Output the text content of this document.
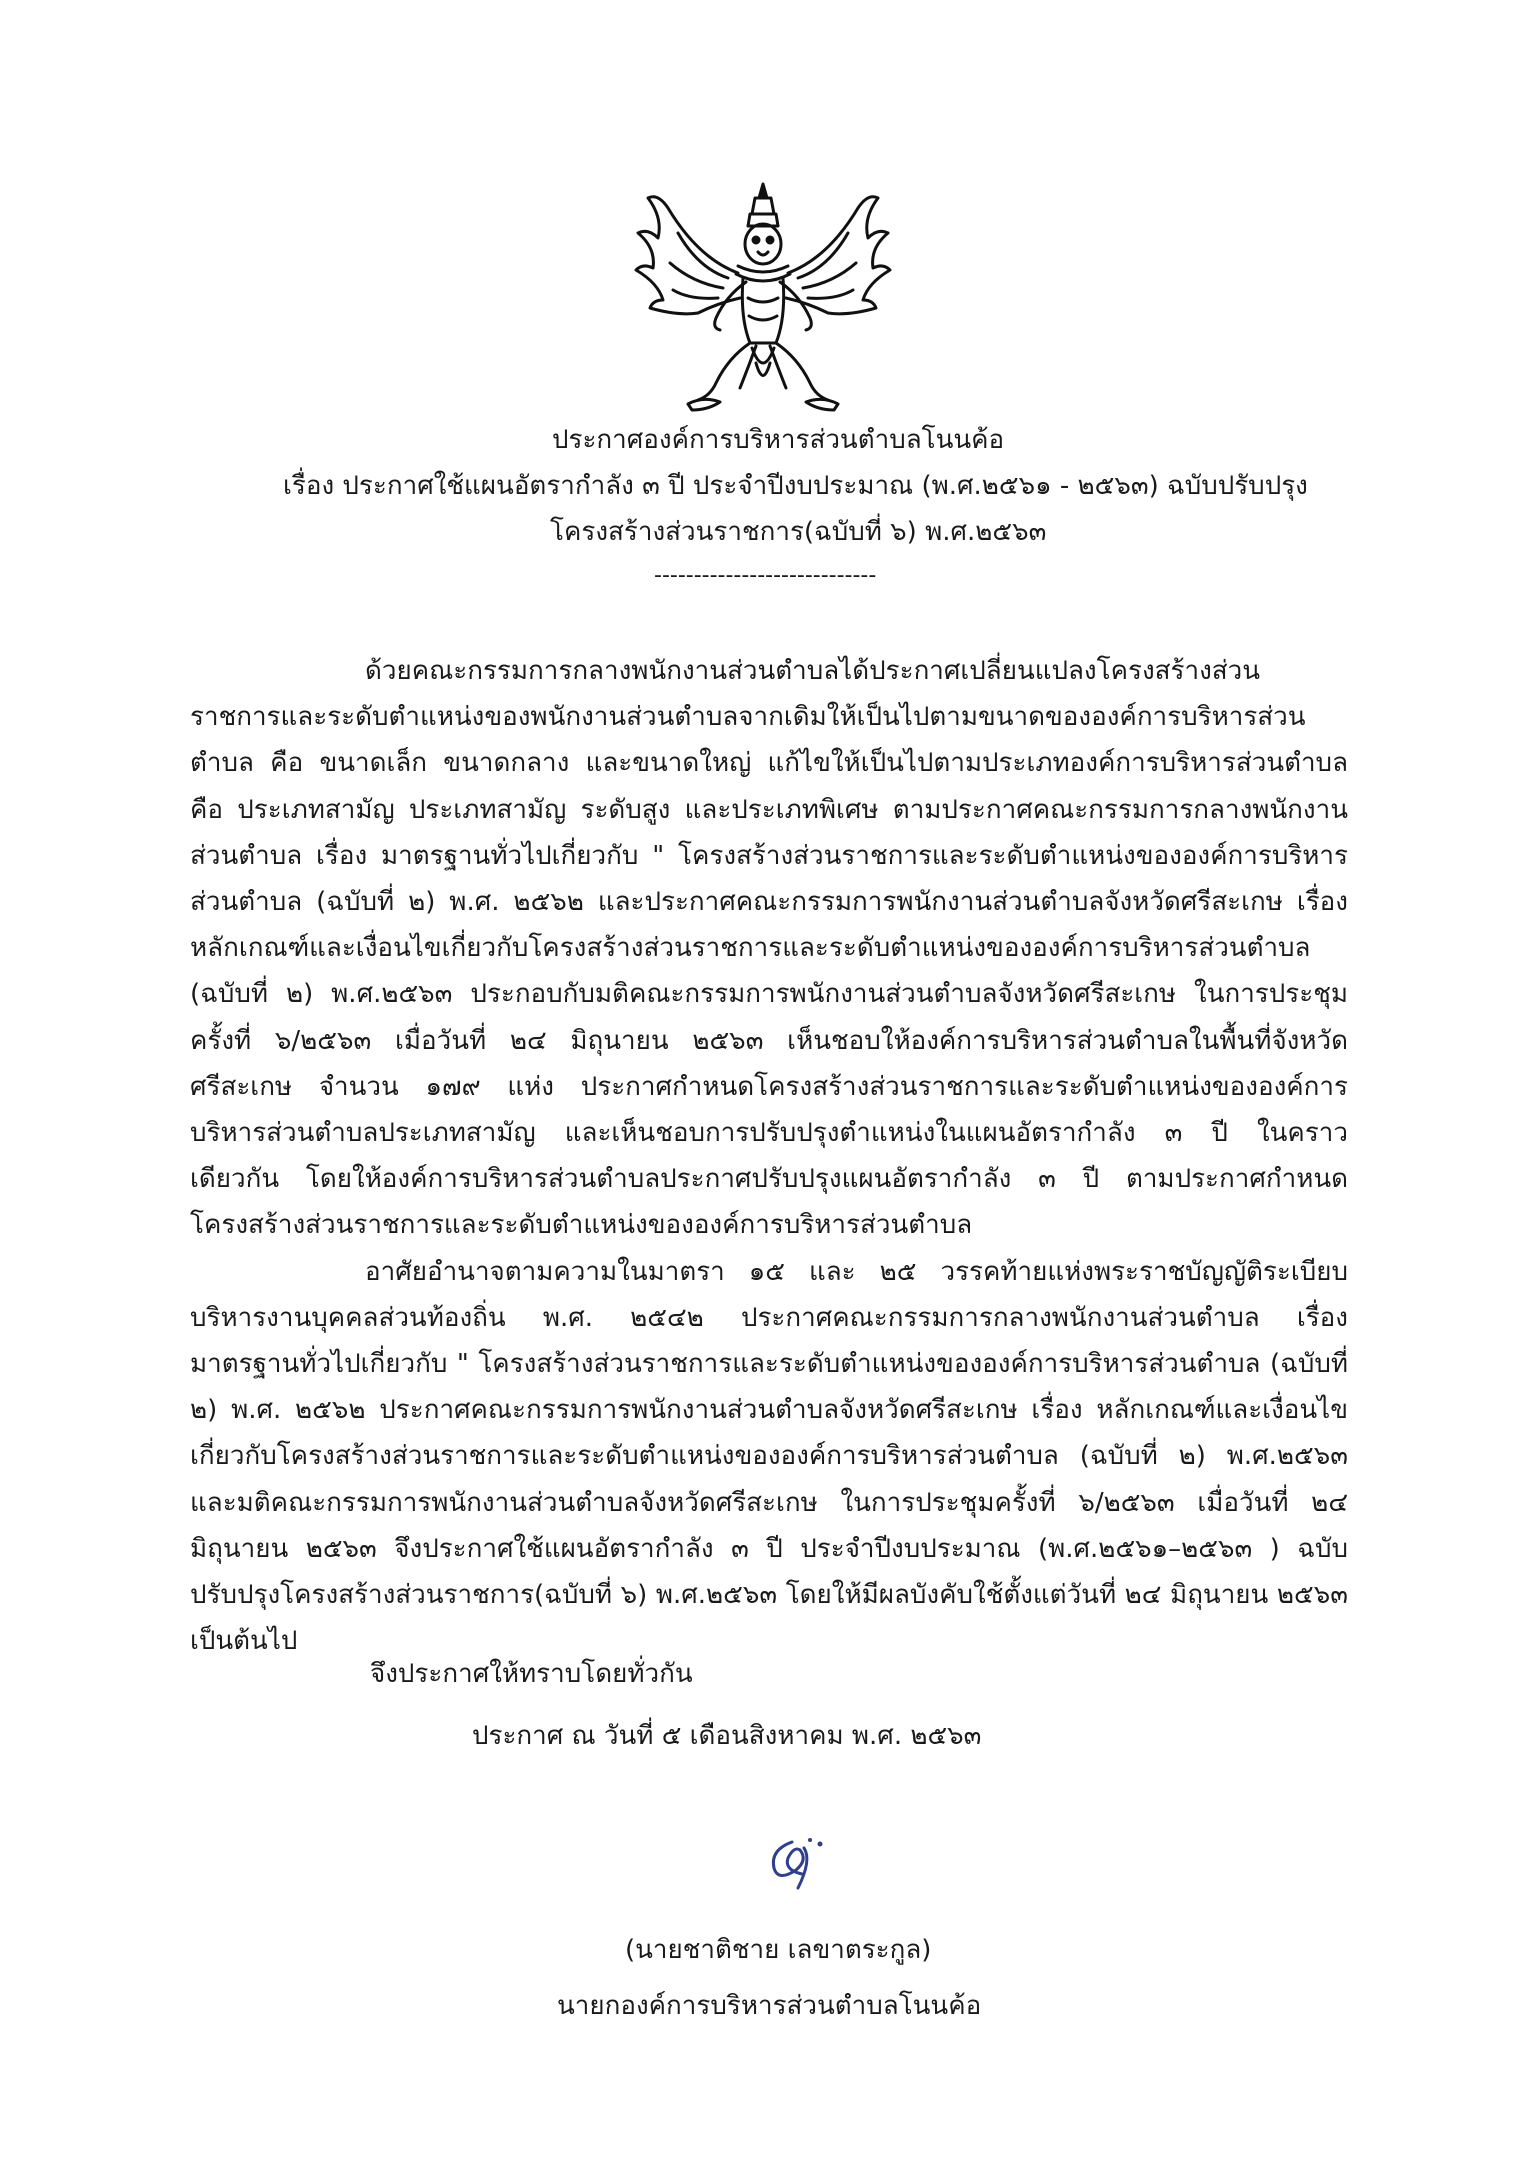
ประกาศองค์การบริหารส่วนตำบลโนนค้อ
เรื่อง ประกาศใช้แผนอัตรากำลัง ๓ ปี ประจำปีงบประมาณ (พ.ศ.๒๕๖๑ - ๒๕๖๓) ฉบับปรับปรุง
โครงสร้างส่วนราชการ(ฉบับที่ ๖) พ.ศ.๒๕๖๓
----------------------------

ด้วยคณะกรรมการกลางพนักงานส่วนตำบลได้ประกาศเปลี่ยนแปลงโครงสร้างส่วนราชการและระดับตำแหน่งของพนักงานส่วนตำบลจากเดิมให้เป็นไปตามขนาดขององค์การบริหารส่วนตำบล คือ ขนาดเล็ก ขนาดกลาง และขนาดใหญ่ แก้ไขให้เป็นไปตามประเภทองค์การบริหารส่วนตำบล คือ ประเภทสามัญ ประเภทสามัญ ระดับสูง และประเภทพิเศษ ตามประกาศคณะกรรมการกลางพนักงานส่วนตำบล เรื่อง มาตรฐานทั่วไปเกี่ยวกับ " โครงสร้างส่วนราชการและระดับตำแหน่งขององค์การบริหารส่วนตำบล (ฉบับที่ ๒) พ.ศ. ๒๕๖๒ และประกาศคณะกรรมการพนักงานส่วนตำบลจังหวัดศรีสะเกษ เรื่อง หลักเกณฑ์และเงื่อนไขเกี่ยวกับโครงสร้างส่วนราชการและระดับตำแหน่งขององค์การบริหารส่วนตำบล (ฉบับที่ ๒) พ.ศ.๒๕๖๓ ประกอบกับมติคณะกรรมการพนักงานส่วนตำบลจังหวัดศรีสะเกษ ในการประชุมครั้งที่ ๖/๒๕๖๓ เมื่อวันที่ ๒๔ มิถุนายน ๒๕๖๓ เห็นชอบให้องค์การบริหารส่วนตำบลในพื้นที่จังหวัดศรีสะเกษ จำนวน ๑๗๙ แห่ง ประกาศกำหนดโครงสร้างส่วนราชการและระดับตำแหน่งขององค์การบริหารส่วนตำบลประเภทสามัญ และเห็นชอบการปรับปรุงตำแหน่งในแผนอัตรากำลัง ๓ ปี ในคราวเดียวกัน โดยให้องค์การบริหารส่วนตำบลประกาศปรับปรุงแผนอัตรากำลัง ๓ ปี ตามประกาศกำหนดโครงสร้างส่วนราชการและระดับตำแหน่งขององค์การบริหารส่วนตำบล

อาศัยอำนาจตามความในมาตรา ๑๕ และ ๒๕ วรรคท้ายแห่งพระราชบัญญัติระเบียบบริหารงานบุคคลส่วนท้องถิ่น พ.ศ. ๒๕๔๒ ประกาศคณะกรรมการกลางพนักงานส่วนตำบล เรื่อง มาตรฐานทั่วไปเกี่ยวกับ " โครงสร้างส่วนราชการและระดับตำแหน่งขององค์การบริหารส่วนตำบล (ฉบับที่ ๒) พ.ศ. ๒๕๖๒ ประกาศคณะกรรมการพนักงานส่วนตำบลจังหวัดศรีสะเกษ เรื่อง หลักเกณฑ์และเงื่อนไขเกี่ยวกับโครงสร้างส่วนราชการและระดับตำแหน่งขององค์การบริหารส่วนตำบล (ฉบับที่ ๒) พ.ศ.๒๕๖๓ และมติคณะกรรมการพนักงานส่วนตำบลจังหวัดศรีสะเกษ ในการประชุมครั้งที่ ๖/๒๕๖๓ เมื่อวันที่ ๒๔ มิถุนายน ๒๕๖๓ จึงประกาศใช้แผนอัตรากำลัง ๓ ปี ประจำปีงบประมาณ (พ.ศ.๒๕๖๑–๒๕๖๓ ) ฉบับปรับปรุงโครงสร้างส่วนราชการ(ฉบับที่ ๖) พ.ศ.๒๕๖๓ โดยให้มีผลบังคับใช้ตั้งแต่วันที่ ๒๔ มิถุนายน ๒๕๖๓ เป็นต้นไป

จึงประกาศให้ทราบโดยทั่วกัน
ประกาศ ณ วันที่ ๕ เดือนสิงหาคม พ.ศ. ๒๕๖๓
(นายชาติชาย เลขาตระกูล)
นายกองค์การบริหารส่วนตำบลโนนค้อ
